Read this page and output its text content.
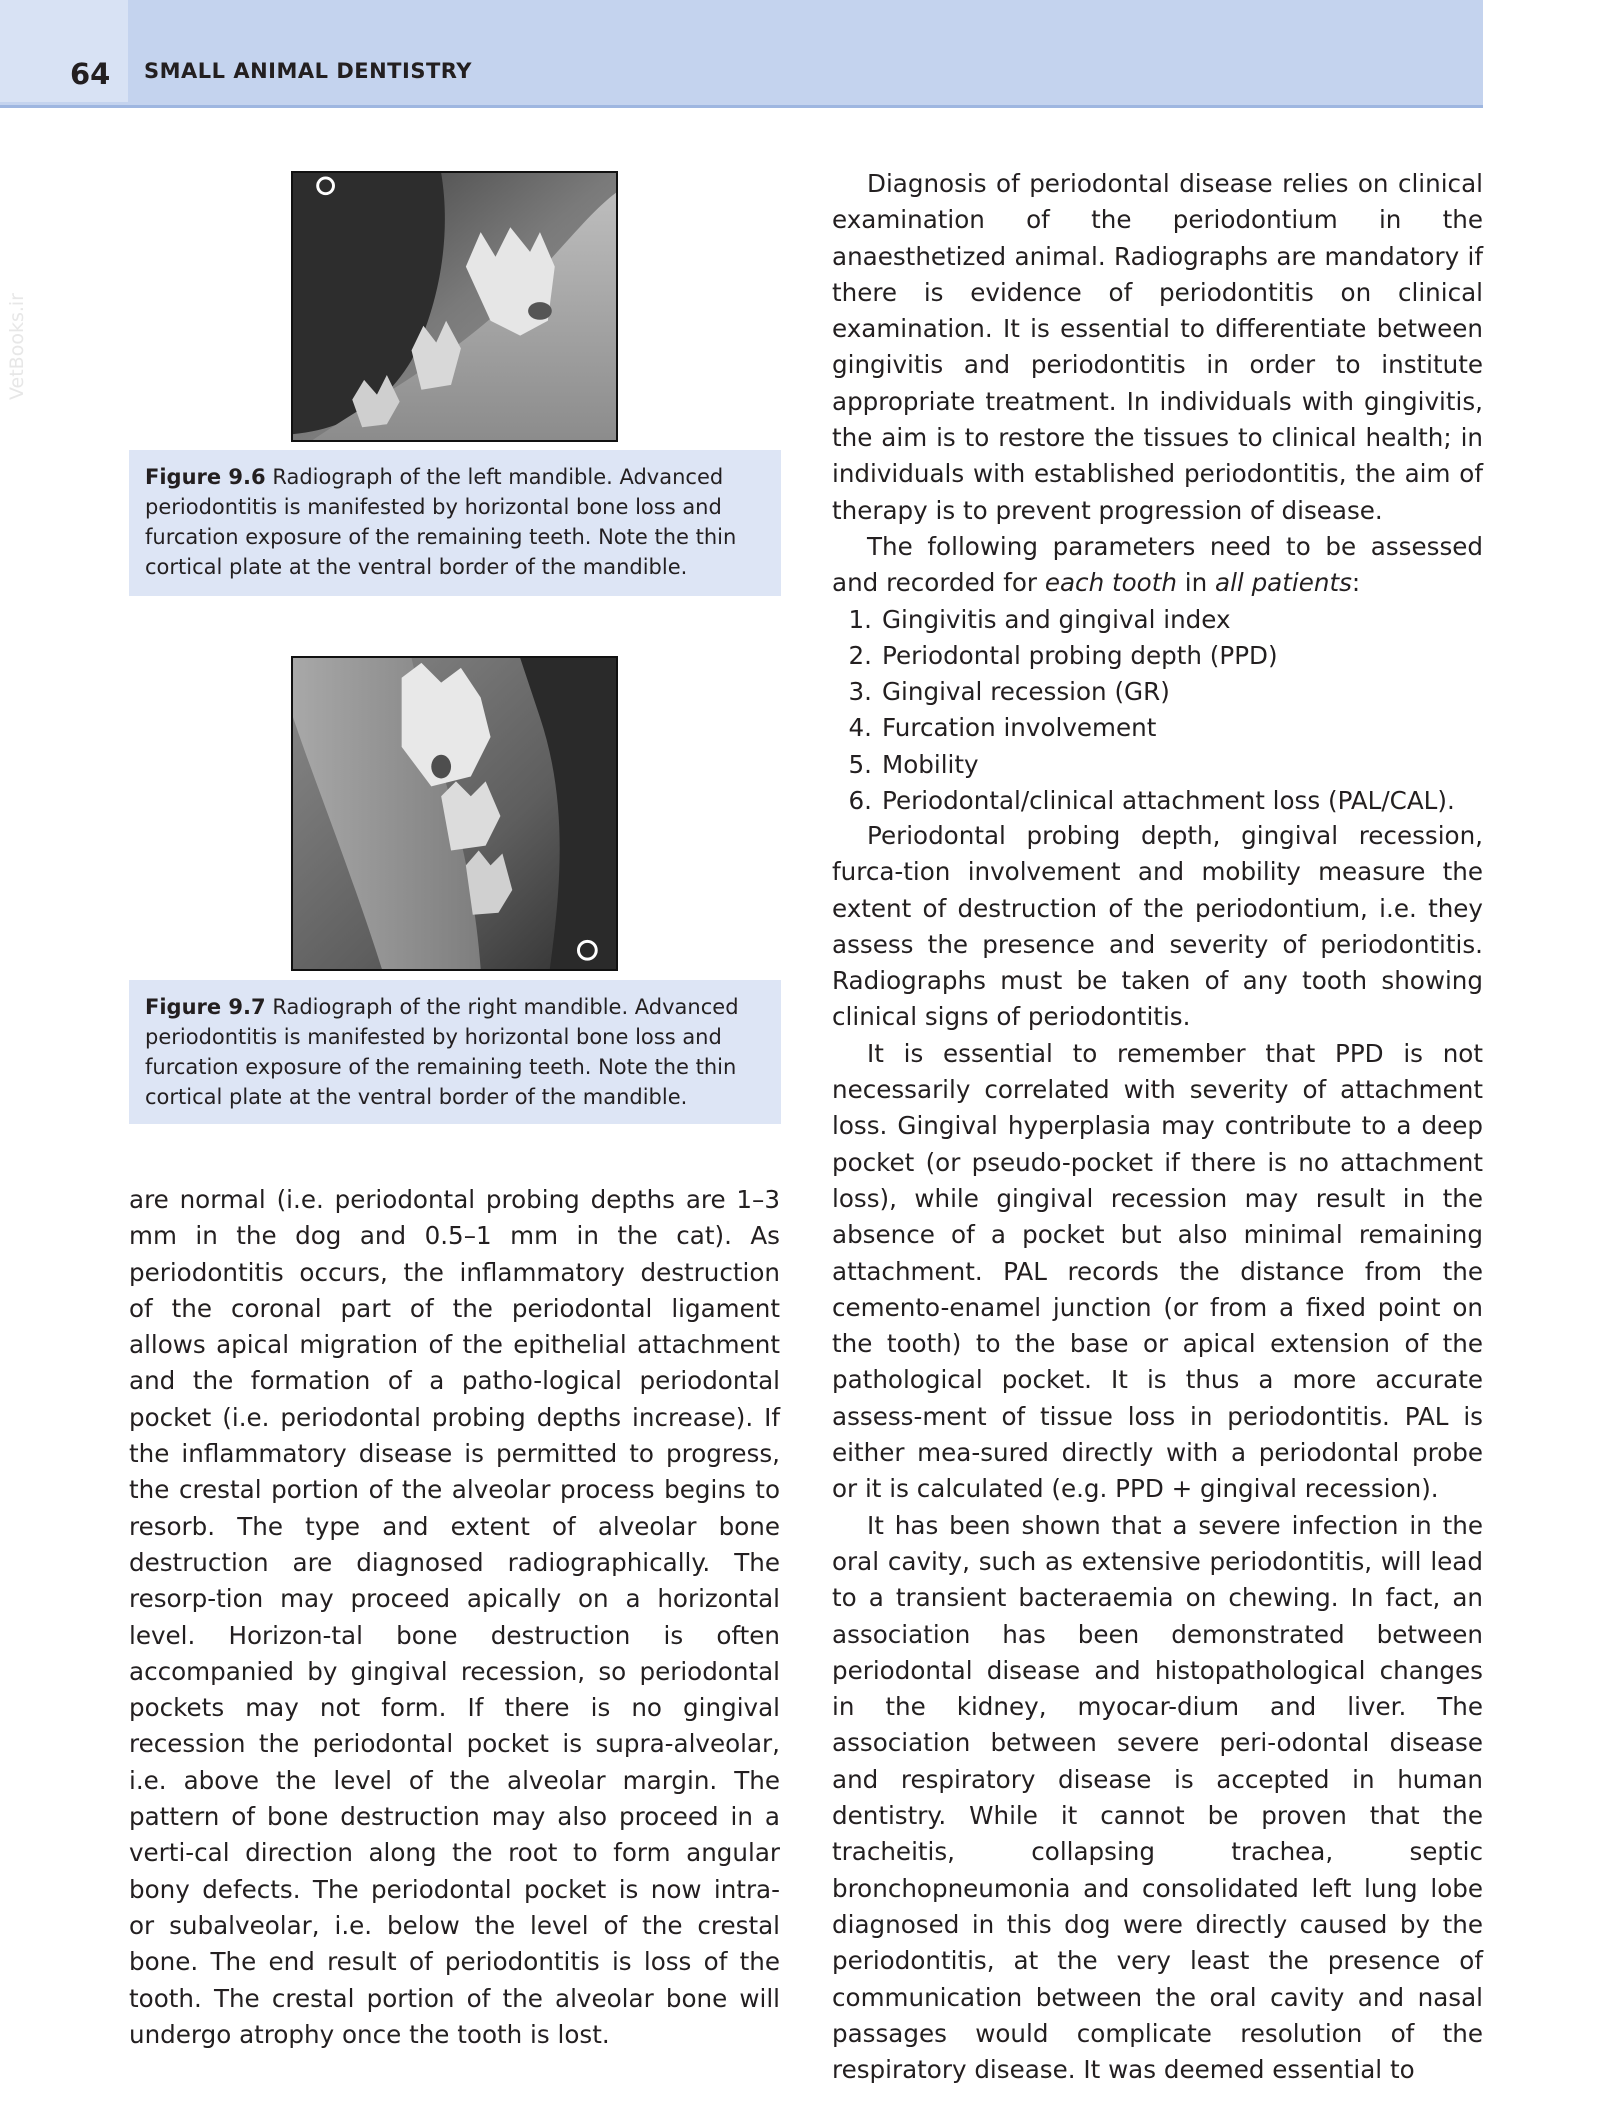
64 SMALL ANIMAL DENTISTRY
VetBooks.ir
Figure 9.6 Radiograph of the left mandible. Advanced periodontitis is manifested by horizontal bone loss and furcation exposure of the remaining teeth. Note the thin cortical plate at the ventral border of the mandible.
Figure 9.7 Radiograph of the right mandible. Advanced periodontitis is manifested by horizontal bone loss and furcation exposure of the remaining teeth. Note the thin cortical plate at the ventral border of the mandible.

are normal (i.e. periodontal probing depths are 1–3 mm in the dog and 0.5–1 mm in the cat). As periodontitis occurs, the inflammatory destruction of the coronal part of the periodontal ligament allows apical migration of the epithelial attachment and the formation of a patho-logical periodontal pocket (i.e. periodontal probing depths increase). If the inflammatory disease is permitted to progress, the crestal portion of the alveolar process begins to resorb. The type and extent of alveolar bone destruction are diagnosed radiographically. The resorp-tion may proceed apically on a horizontal level. Horizon-tal bone destruction is often accompanied by gingival recession, so periodontal pockets may not form. If there is no gingival recession the periodontal pocket is supra-alveolar, i.e. above the level of the alveolar margin. The pattern of bone destruction may also proceed in a verti-cal direction along the root to form angular bony defects. The periodontal pocket is now intra- or subalveolar, i.e. below the level of the crestal bone. The end result of periodontitis is loss of the tooth. The crestal portion of the alveolar bone will undergo atrophy once the tooth is lost.

Diagnosis of periodontal disease relies on clinical examination of the periodontium in the anaesthetized animal. Radiographs are mandatory if there is evidence of periodontitis on clinical examination. It is essential to differentiate between gingivitis and periodontitis in order to institute appropriate treatment. In individuals with gingivitis, the aim is to restore the tissues to clinical health; in individuals with established periodontitis, the aim of therapy is to prevent progression of disease.

The following parameters need to be assessed and recorded for each tooth in all patients:

1. Gingivitis and gingival index
2. Periodontal probing depth (PPD)
3. Gingival recession (GR)
4. Furcation involvement
5. Mobility
6. Periodontal/clinical attachment loss (PAL/CAL).

Periodontal probing depth, gingival recession, furca-tion involvement and mobility measure the extent of destruction of the periodontium, i.e. they assess the presence and severity of periodontitis. Radiographs must be taken of any tooth showing clinical signs of periodontitis.

It is essential to remember that PPD is not necessarily correlated with severity of attachment loss. Gingival hyperplasia may contribute to a deep pocket (or pseudo-pocket if there is no attachment loss), while gingival recession may result in the absence of a pocket but also minimal remaining attachment. PAL records the distance from the cemento-enamel junction (or from a fixed point on the tooth) to the base or apical extension of the pathological pocket. It is thus a more accurate assess-ment of tissue loss in periodontitis. PAL is either mea-sured directly with a periodontal probe or it is calculated (e.g. PPD + gingival recession).

It has been shown that a severe infection in the oral cavity, such as extensive periodontitis, will lead to a transient bacteraemia on chewing. In fact, an association has been demonstrated between periodontal disease and histopathological changes in the kidney, myocar-dium and liver. The association between severe peri-odontal disease and respiratory disease is accepted in human dentistry. While it cannot be proven that the tracheitis, collapsing trachea, septic bronchopneumonia and consolidated left lung lobe diagnosed in this dog were directly caused by the periodontitis, at the very least the presence of communication between the oral cavity and nasal passages would complicate resolution of the respiratory disease. It was deemed essential to
